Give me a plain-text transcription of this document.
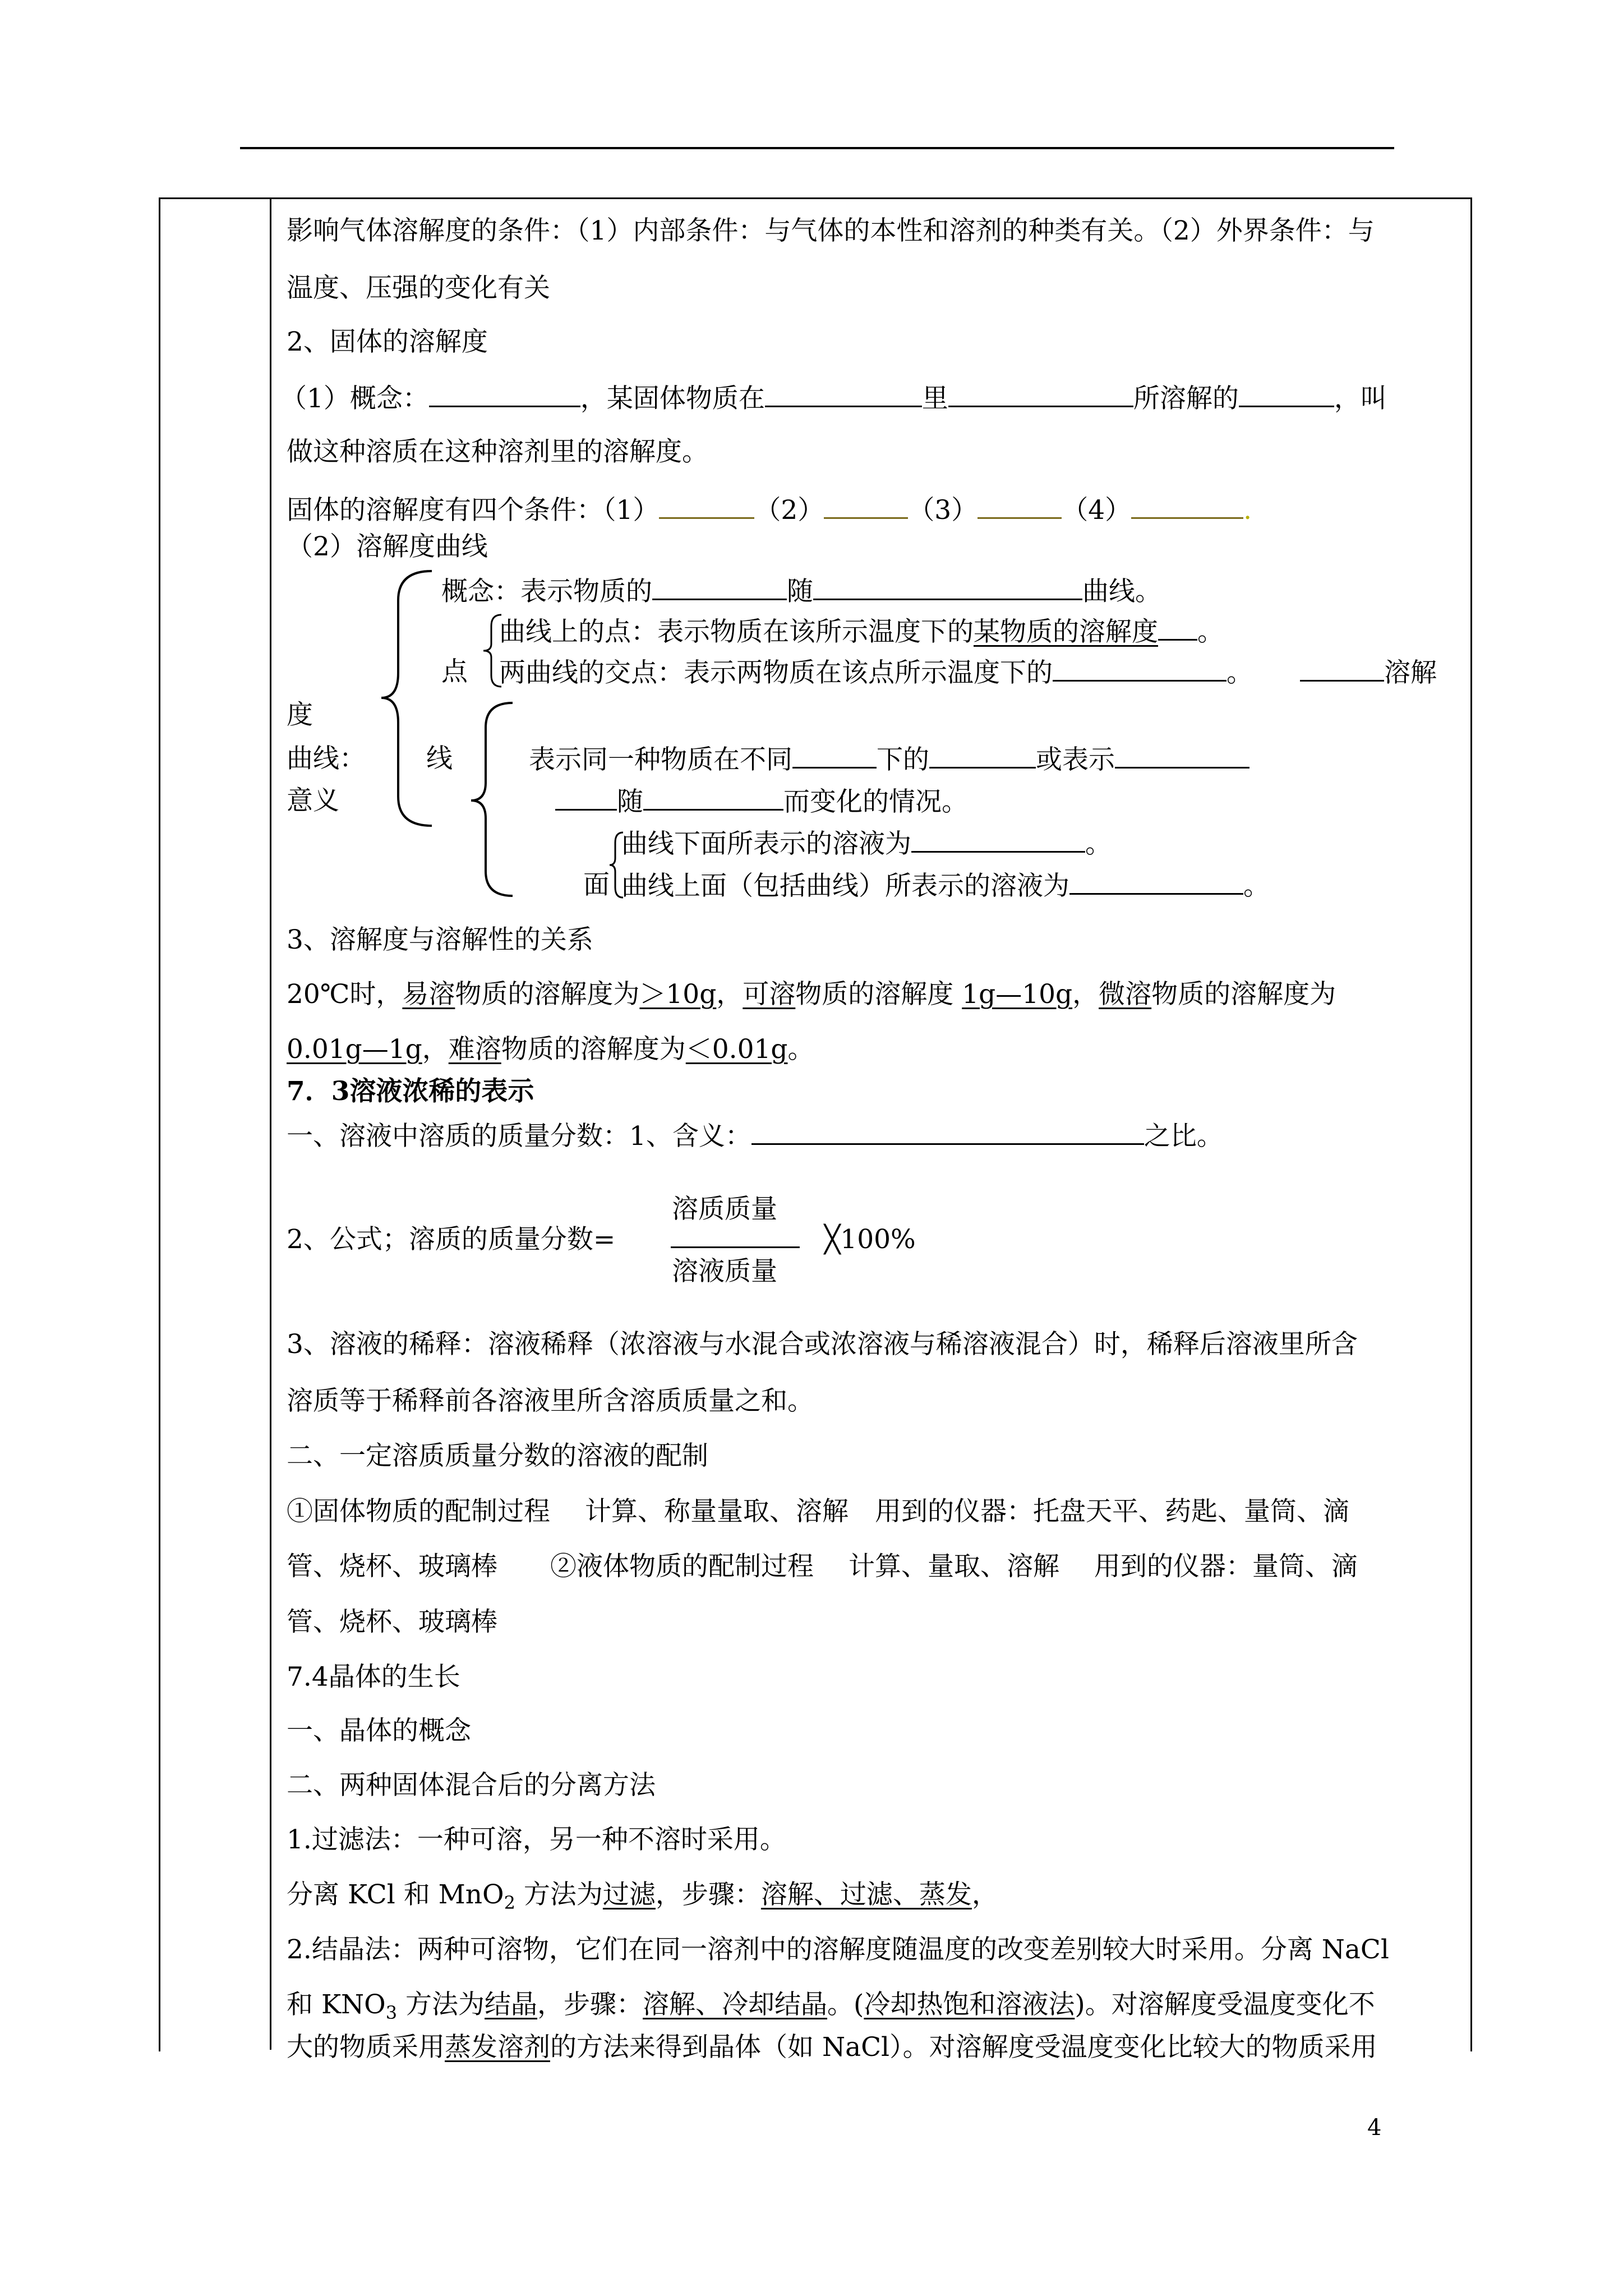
影响气体溶解度的条件：（1）内部条件：与气体的本性和溶剂的种类有关。（2）外界条件：与
温度、压强的变化有关
2、固体的溶解度
（1）概念：	，某固体物质在	里	所溶解的	，叫
做这种溶质在这种溶剂里的溶解度。
固体的溶解度有四个条件：（1）	（2）	（3）	（4）	.
（2）溶解度曲线
概念：表示物质的	随	曲线。
曲线上的点：表示物质在该所示温度下的某物质的溶解度 。
点 两曲线的交点：表示两物质在该点所示温度下的	。	溶解
度
曲线： 线	表示同一种物质在不同	下的	或表示
意义	随	而变化的情况。
曲线下面所表示的溶液为	。
面 曲线上面（包括曲线）所表示的溶液为	。
3、溶解度与溶解性的关系
20℃时，易溶物质的溶解度为＞10g，可溶物质的溶解度 1g—10g，微溶物质的溶解度为
0.01g—1g，难溶物质的溶解度为＜0.01g。
7．3溶液浓稀的表示
一、溶液中溶质的质量分数：1、含义：	之比。
溶质质量
2、公式；溶质的质量分数=	╳100%
溶液质量
3、溶液的稀释：溶液稀释（浓溶液与水混合或浓溶液与稀溶液混合）时，稀释后溶液里所含
溶质等于稀释前各溶液里所含溶质质量之和。
二、一定溶质质量分数的溶液的配制
①固体物质的配制过程　 计算、称量量取、溶解　用到的仪器：托盘天平、药匙、量筒、滴
管、烧杯、玻璃棒　　②液体物质的配制过程　 计算、量取、溶解　 用到的仪器：量筒、滴
管、烧杯、玻璃棒
7.4晶体的生长
一、晶体的概念
二、两种固体混合后的分离方法
1.过滤法：一种可溶，另一种不溶时采用。
分离 KCl 和 MnO$_2$ 方法为过滤，步骤：溶解、过滤、蒸发，
2.结晶法：两种可溶物，它们在同一溶剂中的溶解度随温度的改变差别较大时采用。分离 NaCl
和 $KNO_3$ 方法为结晶，步骤：溶解、冷却结晶。(冷却热饱和溶液法)。对溶解度受温度变化不
大的物质采用蒸发溶剂的方法来得到晶体（如 NaCl）。对溶解度受温度变化比较大的物质采用
4
